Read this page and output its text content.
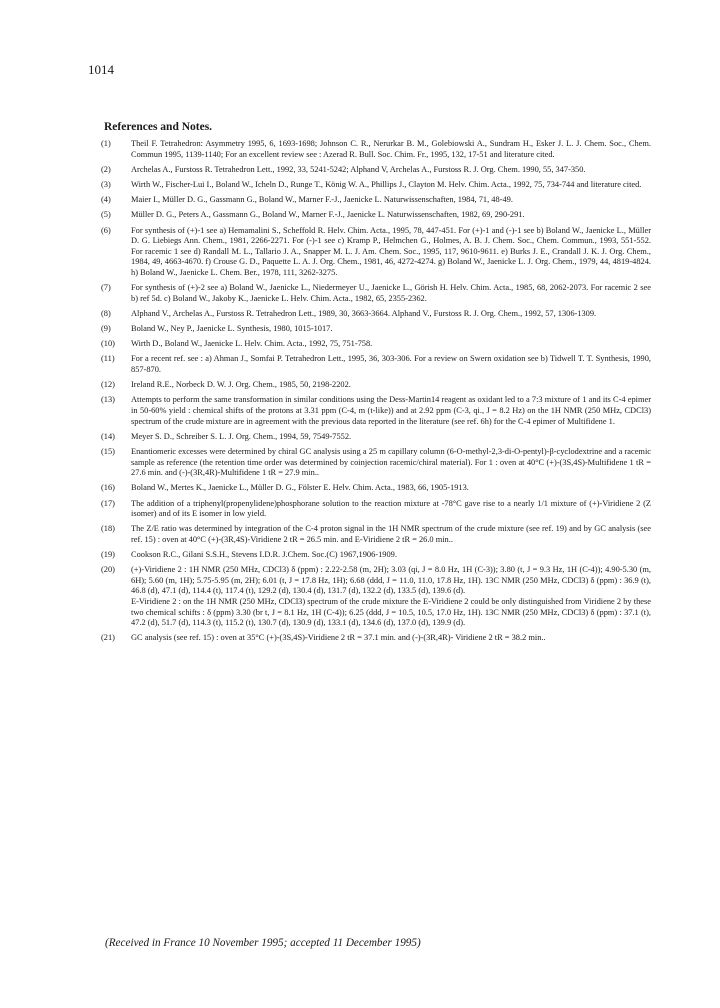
1014
References and Notes.
(1) Theil F. Tetrahedron: Asymmetry 1995, 6, 1693-1698; Johnson C. R., Nerurkar B. M., Golebiowski A., Sundram H., Esker J. L. J. Chem. Soc., Chem. Commun 1995, 1139-1140; For an excellent review see : Azerad R. Bull. Soc. Chim. Fr., 1995, 132, 17-51 and literature cited.

(2) Archelas A., Furstoss R. Tetrahedron Lett., 1992, 33, 5241-5242; Alphand V, Archelas A., Furstoss R. J. Org. Chem. 1990, 55, 347-350.

(3) Wirth W., Fischer-Lui I., Boland W., Icheln D., Runge T., König W. A., Phillips J., Clayton M. Helv. Chim. Acta., 1992, 75, 734-744 and literature cited.

(4) Maier I., Müller D. G., Gassmann G., Boland W., Marner F.-J., Jaenicke L. Naturwissenschaften, 1984, 71, 48-49.

(5) Müller D. G., Peters A., Gassmann G., Boland W., Marner F.-J., Jaenicke L. Naturwissenschaften, 1982, 69, 290-291.

(6) For synthesis of (+)-1 see a) Hemamalini S., Scheffold R. Helv. Chim. Acta., 1995, 78, 447-451. For (+)-1 and (-)-1 see b) Boland W., Jaenicke L., Müller D. G. Liebiegs Ann. Chem., 1981, 2266-2271. For (-)-1 see c) Kramp P., Helmchen G., Holmes, A. B. J. Chem. Soc., Chem. Commun., 1993, 551-552. For racemic 1 see d) Randall M. L., Tallario J. A., Snapper M. L. J. Am. Chem. Soc., 1995, 117, 9610-9611. e) Burks J. E., Crandall J. K. J. Org. Chem., 1984, 49, 4663-4670. f) Crouse G. D., Paquette L. A. J. Org. Chem., 1981, 46, 4272-4274. g) Boland W., Jaenicke L. J. Org. Chem., 1979, 44, 4819-4824. h) Boland W., Jaenicke L. Chem. Ber., 1978, 111, 3262-3275.

(7) For synthesis of (+)-2 see a) Boland W., Jaenicke L., Niedermeyer U., Jaenicke L., Görish H. Helv. Chim. Acta., 1985, 68, 2062-2073. For racemic 2 see b) ref 5d. c) Boland W., Jakoby K., Jaenicke L. Helv. Chim. Acta., 1982, 65, 2355-2362.

(8) Alphand V., Archelas A., Furstoss R. Tetrahedron Lett., 1989, 30, 3663-3664. Alphand V., Furstoss R. J. Org. Chem., 1992, 57, 1306-1309.

(9) Boland W., Ney P., Jaenicke L. Synthesis, 1980, 1015-1017.

(10) Wirth D., Boland W., Jaenicke L. Helv. Chim. Acta., 1992, 75, 751-758.

(11) For a recent ref. see : a) Ahman J., Somfai P. Tetrahedron Lett., 1995, 36, 303-306. For a review on Swern oxidation see b) Tidwell T. T. Synthesis, 1990, 857-870.

(12) Ireland R.E., Norbeck D. W. J. Org. Chem., 1985, 50, 2198-2202.

(13) Attempts to perform the same transformation in similar conditions using the Dess-Martin14 reagent as oxidant led to a 7:3 mixture of 1 and its C-4 epimer in 50-60% yield : chemical shifts of the protons at 3.31 ppm (C-4, m (t-like)) and at 2.92 ppm (C-3, qi., J = 8.2 Hz) on the 1H NMR (250 MHz, CDCl3) spectrum of the crude mixture are in agreement with the previous data reported in the literature (see ref. 6h) for the C-4 epimer of Multifidene 1.

(14) Meyer S. D., Schreiber S. L. J. Org. Chem., 1994, 59, 7549-7552.

(15) Enantiomeric excesses were determined by chiral GC analysis using a 25 m capillary column (6-O-methyl-2,3-di-O-pentyl)-β-cyclodextrine and a racemic sample as reference (the retention time order was determined by coinjection racemic/chiral material). For 1 : oven at 40°C (+)-(3S,4S)-Multifidene 1 tR = 27.6 min. and (-)-(3R,4R)-Multifidene 1 tR = 27.9 min..

(16) Boland W., Mertes K., Jaenicke L., Müller D. G., Fölster E. Helv. Chim. Acta., 1983, 66, 1905-1913.

(17) The addition of a triphenyl(propenylidene)phosphorane solution to the reaction mixture at -78°C gave rise to a nearly 1/1 mixture of (+)-Viridiene 2 (Z isomer) and of its E isomer in low yield.

(18) The Z/E ratio was determined by integration of the C-4 proton signal in the 1H NMR spectrum of the crude mixture (see ref. 19) and by GC analysis (see ref. 15) : oven at 40°C (+)-(3R,4S)-Viridiene 2 tR = 26.5 min. and E-Viridiene 2 tR = 26.0 min..

(19) Cookson R.C., Gilani S.S.H., Stevens I.D.R. J.Chem. Soc.(C) 1967,1906-1909.

(20) (+)-Viridiene 2 : 1H NMR (250 MHz, CDCl3) δ (ppm) : 2.22-2.58 (m, 2H); 3.03 (qi, J = 8.0 Hz, 1H (C-3)); 3.80 (t, J = 9.3 Hz, 1H (C-4)); 4.90-5.30 (m, 6H); 5.60 (m, 1H); 5.75-5.95 (m, 2H); 6.01 (t, J = 17.8 Hz, 1H); 6.68 (ddd, J = 11.0, 11.0, 17.8 Hz, 1H). 13C NMR (250 MHz, CDCl3) δ (ppm) : 36.9 (t), 46.8 (d), 47.1 (d), 114.4 (t), 117.4 (t), 129.2 (d), 130.4 (d), 131.7 (d), 132.2 (d), 133.5 (d), 139.6 (d).

E-Viridiene 2 : on the 1H NMR (250 MHz, CDCl3) spectrum of the crude mixture the E-Viridiene 2 could be only distinguished from Viridiene 2 by these two chemical schifts : δ (ppm) 3.30 (br t, J = 8.1 Hz, 1H (C-4)); 6.25 (ddd, J = 10.5, 10.5, 17.0 Hz, 1H). 13C NMR (250 MHz, CDCl3) δ (ppm) : 37.1 (t), 47.2 (d), 51.7 (d), 114.3 (t), 115.2 (t), 130.7 (d), 130.9 (d), 133.1 (d), 134.6 (d), 137.0 (d), 139.9 (d).

(21) GC analysis (see ref. 15) : oven at 35°C (+)-(3S,4S)-Viridiene 2 tR = 37.1 min. and (-)-(3R,4R)- Viridiene 2 tR = 38.2 min..

(Received in France 10 November 1995; accepted 11 December 1995)
